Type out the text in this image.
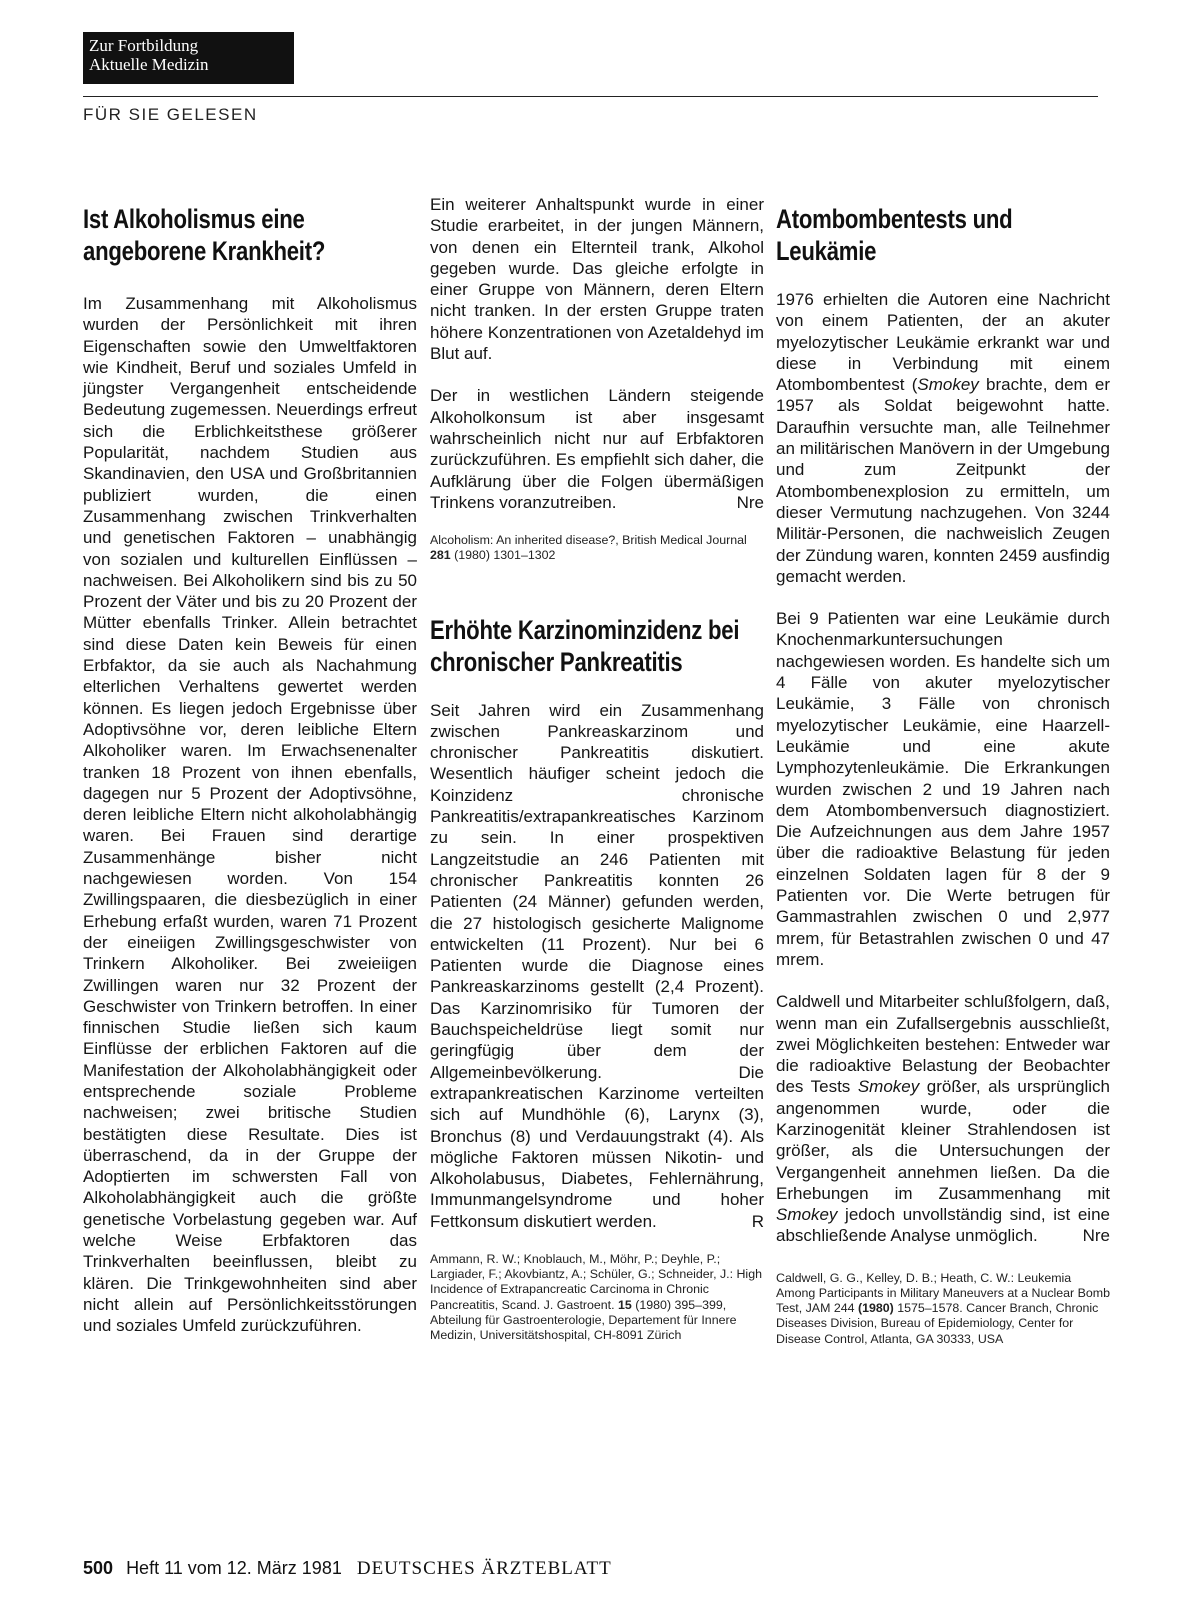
Zur Fortbildung
Aktuelle Medizin
FÜR SIE GELESEN
Ist Alkoholismus eine angeborene Krankheit?

Im Zusammenhang mit Alkoholismus wurden der Persönlichkeit mit ihren Eigenschaften sowie den Umweltfaktoren wie Kindheit, Beruf und soziales Umfeld in jüngster Vergangenheit entscheidende Bedeutung zugemessen. Neuerdings erfreut sich die Erblichkeitsthese größerer Popularität, nachdem Studien aus Skandinavien, den USA und Großbritannien publiziert wurden, die einen Zusammenhang zwischen Trinkverhalten und genetischen Faktoren – unabhängig von sozialen und kulturellen Einflüssen – nachweisen. Bei Alkoholikern sind bis zu 50 Prozent der Väter und bis zu 20 Prozent der Mütter ebenfalls Trinker. Allein betrachtet sind diese Daten kein Beweis für einen Erbfaktor, da sie auch als Nachahmung elterlichen Verhaltens gewertet werden können. Es liegen jedoch Ergebnisse über Adoptivsöhne vor, deren leibliche Eltern Alkoholiker waren. Im Erwachsenenalter tranken 18 Prozent von ihnen ebenfalls, dagegen nur 5 Prozent der Adoptivsöhne, deren leibliche Eltern nicht alkoholabhängig waren. Bei Frauen sind derartige Zusammenhänge bisher nicht nachgewiesen worden. Von 154 Zwillingspaaren, die diesbezüglich in einer Erhebung erfaßt wurden, waren 71 Prozent der eineiigen Zwillingsgeschwister von Trinkern Alkoholiker. Bei zweieiigen Zwillingen waren nur 32 Prozent der Geschwister von Trinkern betroffen. In einer finnischen Studie ließen sich kaum Einflüsse der erblichen Faktoren auf die Manifestation der Alkoholabhängigkeit oder entsprechende soziale Probleme nachweisen; zwei britische Studien bestätigten diese Resultate. Dies ist überraschend, da in der Gruppe der Adoptierten im schwersten Fall von Alkoholabhängigkeit auch die größte genetische Vorbelastung gegeben war. Auf welche Weise Erbfaktoren das Trinkverhalten beeinflussen, bleibt zu klären. Die Trinkgewohnheiten sind aber nicht allein auf Persönlichkeitsstörungen und soziales Umfeld zurückzuführen.

Ein weiterer Anhaltspunkt wurde in einer Studie erarbeitet, in der jungen Männern, von denen ein Elternteil trank, Alkohol gegeben wurde. Das gleiche erfolgte in einer Gruppe von Männern, deren Eltern nicht tranken. In der ersten Gruppe traten höhere Konzentrationen von Azetaldehyd im Blut auf.

Der in westlichen Ländern steigende Alkoholkonsum ist aber insgesamt wahrscheinlich nicht nur auf Erbfaktoren zurückzuführen. Es empfiehlt sich daher, die Aufklärung über die Folgen übermäßigen Trinkens voranzutreiben.	Nre

Alcoholism: An inherited disease?, British Medical Journal 281 (1980) 1301–1302

Erhöhte Karzinominzidenz bei chronischer Pankreatitis

Seit Jahren wird ein Zusammenhang zwischen Pankreaskarzinom und chronischer Pankreatitis diskutiert. Wesentlich häufiger scheint jedoch die Koinzidenz chronische Pankreatitis/extrapankreatisches Karzinom zu sein. In einer prospektiven Langzeitstudie an 246 Patienten mit chronischer Pankreatitis konnten 26 Patienten (24 Männer) gefunden werden, die 27 histologisch gesicherte Malignome entwickelten (11 Prozent). Nur bei 6 Patienten wurde die Diagnose eines Pankreaskarzinoms gestellt (2,4 Prozent). Das Karzinomrisiko für Tumoren der Bauchspeicheldrüse liegt somit nur geringfügig über dem der Allgemeinbevölkerung. Die extrapankreatischen Karzinome verteilten sich auf Mundhöhle (6), Larynx (3), Bronchus (8) und Verdauungstrakt (4). Als mögliche Faktoren müssen Nikotin- und Alkoholabusus, Diabetes, Fehlernährung, Immunmangelsyndrome und hoher Fettkonsum diskutiert werden.	R

Ammann, R. W.; Knoblauch, M., Möhr, P.; Deyhle, P.; Largiader, F.; Akovbiantz, A.; Schüler, G.; Schneider, J.: High Incidence of Extrapancreatic Carcinoma in Chronic Pancreatitis, Scand. J. Gastroent. 15 (1980) 395–399, Abteilung für Gastroenterologie, Departement für Innere Medizin, Universitätshospital, CH-8091 Zürich

Atombombentests und Leukämie

1976 erhielten die Autoren eine Nachricht von einem Patienten, der an akuter myelozytischer Leukämie erkrankt war und diese in Verbindung mit einem Atombombentest (Smokey brachte, dem er 1957 als Soldat beigewohnt hatte. Daraufhin versuchte man, alle Teilnehmer an militärischen Manövern in der Umgebung und zum Zeitpunkt der Atombombenexplosion zu ermitteln, um dieser Vermutung nachzugehen. Von 3244 Militär-Personen, die nachweislich Zeugen der Zündung waren, konnten 2459 ausfindig gemacht werden.

Bei 9 Patienten war eine Leukämie durch Knochenmarkuntersuchungen nachgewiesen worden. Es handelte sich um 4 Fälle von akuter myelozytischer Leukämie, 3 Fälle von chronisch myelozytischer Leukämie, eine Haarzell-Leukämie und eine akute Lymphozytenleukämie. Die Erkrankungen wurden zwischen 2 und 19 Jahren nach dem Atombombenversuch diagnostiziert. Die Aufzeichnungen aus dem Jahre 1957 über die radioaktive Belastung für jeden einzelnen Soldaten lagen für 8 der 9 Patienten vor. Die Werte betrugen für Gammastrahlen zwischen 0 und 2,977 mrem, für Betastrahlen zwischen 0 und 47 mrem.

Caldwell und Mitarbeiter schlußfolgern, daß, wenn man ein Zufallsergebnis ausschließt, zwei Möglichkeiten bestehen: Entweder war die radioaktive Belastung der Beobachter des Tests Smokey größer, als ursprünglich angenommen wurde, oder die Karzinogenität kleiner Strahlendosen ist größer, als die Untersuchungen der Vergangenheit annehmen ließen. Da die Erhebungen im Zusammenhang mit Smokey jedoch unvollständig sind, ist eine abschließende Analyse unmöglich.	Nre

Caldwell, G. G., Kelley, D. B.; Heath, C. W.: Leukemia Among Participants in Military Maneuvers at a Nuclear Bomb Test, JAM 244 (1980) 1575–1578. Cancer Branch, Chronic Diseases Division, Bureau of Epidemiology, Center for Disease Control, Atlanta, GA 30333, USA

500 Heft 11 vom 12. März 1981 DEUTSCHES ÄRZTEBLATT
